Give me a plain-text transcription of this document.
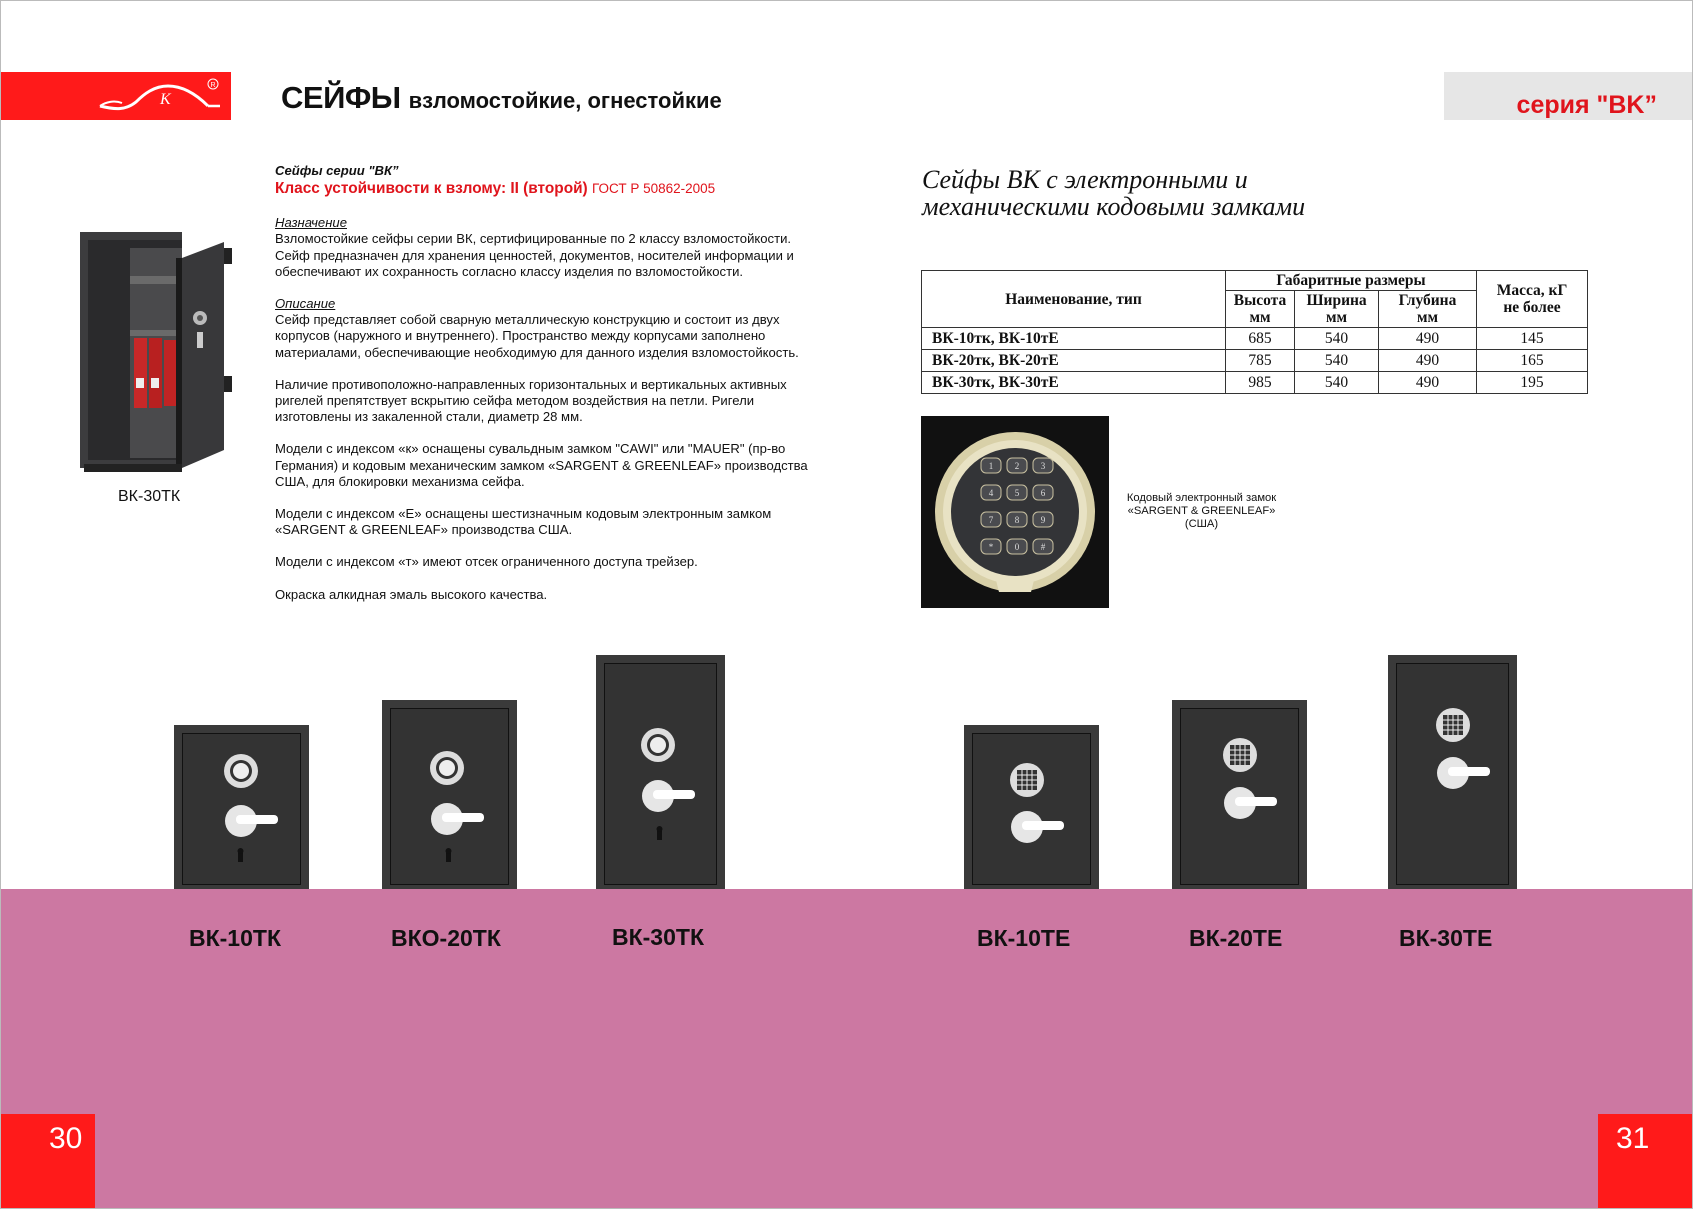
K
R СЕЙФЫ взломостойкие, огнестойкие	серия "BK”
ВК-30ТК

Сейфы серии "ВК”

Класс устойчивости к взлому: II (второй) ГОСТ Р 50862-2005

Назначение

Взломостойкие сейфы серии ВК, сертифицированные по 2 классу взломостойкости. Сейф предназначен для хранения ценностей, документов, носителей информации и обеспечивают их сохранность согласно классу изделия по взломостойкости.

Описание

Сейф представляет собой сварную металлическую конструкцию и состоит из двух корпусов (наружного и внутреннего). Пространство между корпусами заполнено материалами, обеспечивающие необходимую для данного изделия взломостойкость.

Наличие противоположно-направленных горизонтальных и вертикальных активных ригелей препятствует вскрытию сейфа методом воздействия на петли. Ригели изготовлены из закаленной стали, диаметр 28 мм.

Модели с индексом «к» оснащены сувальдным замком "CAWI" или "MAUER" (пр-во Германия) и кодовым механическим замком «SARGENT & GREENLEAF» производства США, для блокировки механизма сейфа.

Модели с индексом «Е» оснащены шестизначным кодовым электронным замком «SARGENT & GREENLEAF» производства США.

Модели с индексом «т» имеют отсек ограниченного доступа трейзер.

Окраска алкидная эмаль высокого качества.

Сейфы ВК с электронными и
механическими кодовыми замками
Наименование, тип	Габаритные размеры			Масса, кГ не более

	Высота мм	Ширина мм	Глубина мм	

ВК-10тк, ВК-10тЕ	685	540	490	145
ВК-20тк, ВК-20тЕ	785	540	490	165
ВК-30тк, ВК-30тЕ	985	540	490	195
1 2 3
4 5 6
7 8 9
* 0 #
Кодовый электронный замок
«SARGENT & GREENLEAF»
(США)
ВК-10ТК	ВКО-20ТК	ВК-30ТК	ВК-10ТЕ	ВК-20ТЕ	ВК-30ТЕ
30	31
